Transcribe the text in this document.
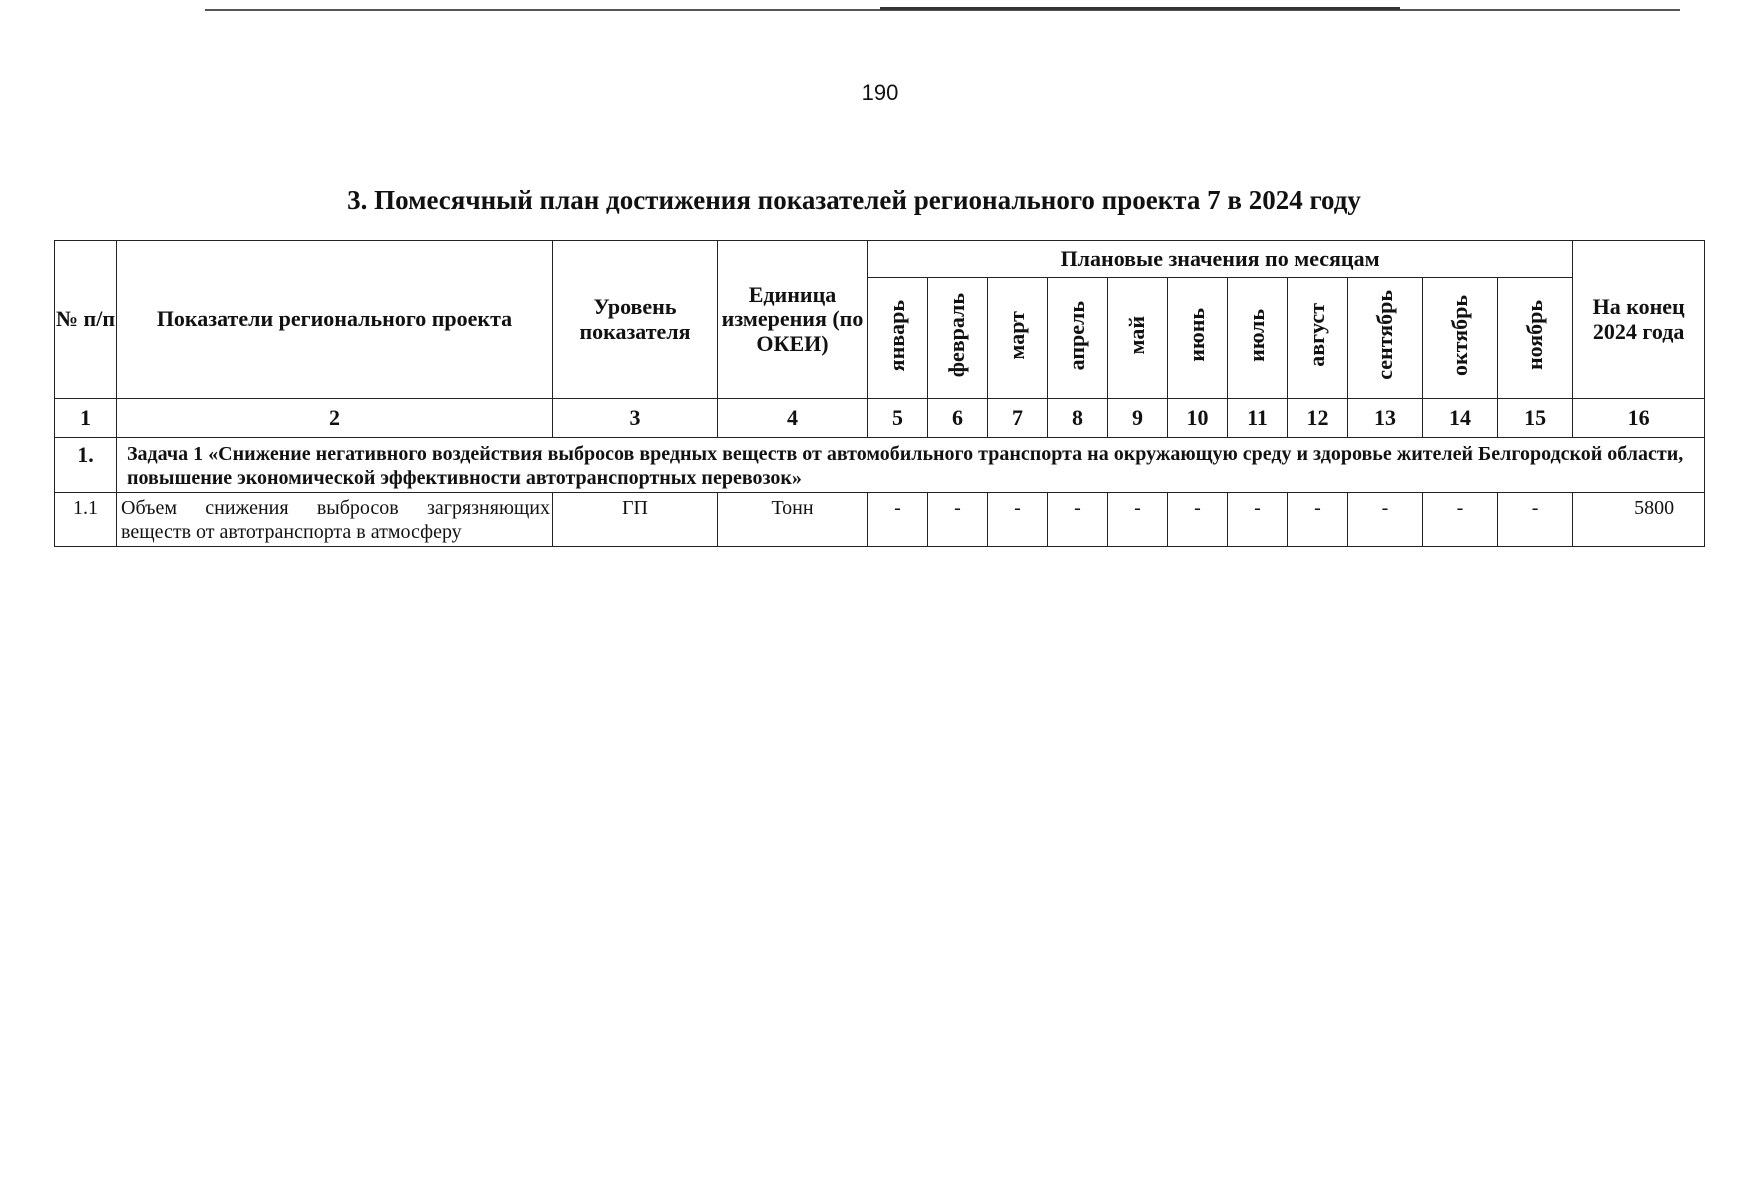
190
3. Помесячный план достижения показателей регионального проекта 7 в 2024 году
№ п/п	Показатели регионального проекта	Уровень показателя	Единица измерения (по ОКЕИ)	Плановые значения по месяцам											На конец 2024 года
				январь	февраль	март	апрель	май	июнь	июль	август	сентябрь	октябрь	ноябрь	
1	2	3	4	5	6	7	8	9	10	11	12	13	14	15	16
1.	Задача 1 «Снижение негативного воздействия выбросов вредных веществ от автомобильного транспорта на окружающую среду и здоровье жителей Белгородской области, повышение экономической эффективности автотранспортных перевозок»														
1.1	Объем снижения выбросов загрязняющих веществ от автотранспорта в атмосферу	ГП	Тонн	-	-	-	-	-	-	-	-	-	-	-	5800
